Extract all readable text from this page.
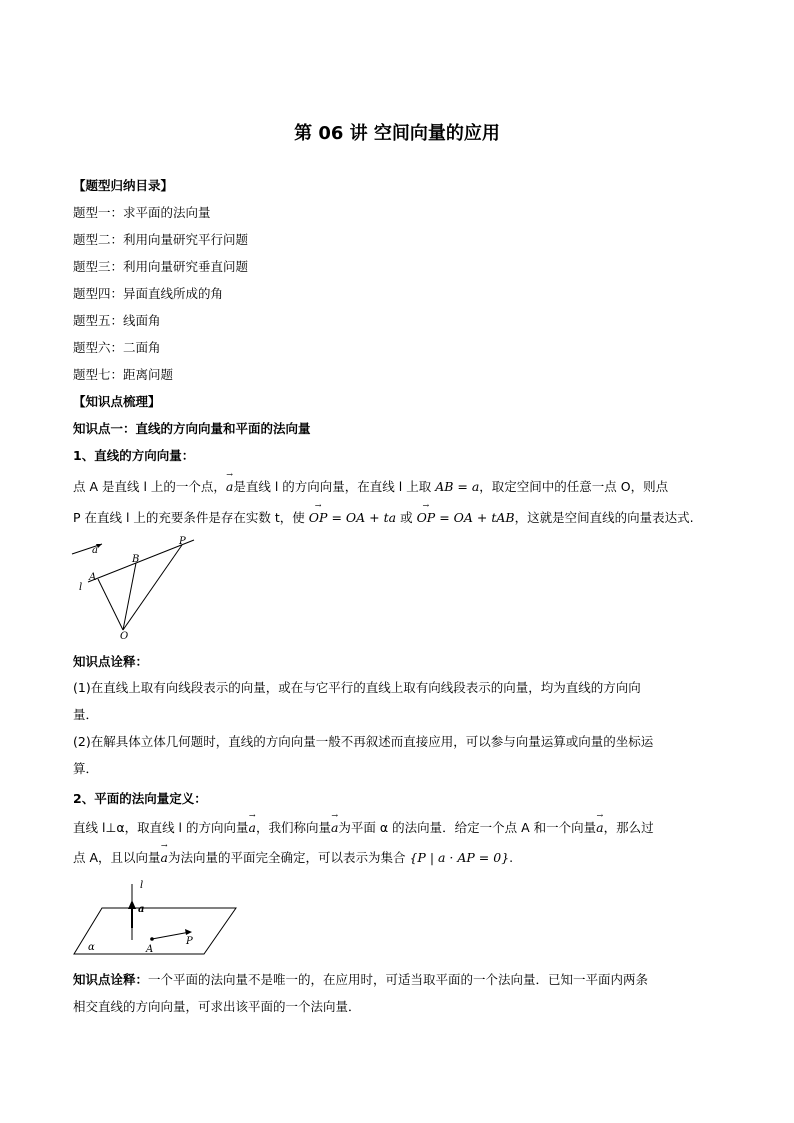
第 06 讲 空间向量的应用
【题型归纳目录】
题型一：求平面的法向量
题型二：利用向量研究平行问题
题型三：利用向量研究垂直问题
题型四：异面直线所成的角
题型五：线面角
题型六：二面角
题型七：距离问题
【知识点梳理】
知识点一：直线的方向向量和平面的法向量
1、直线的方向向量：
点 A 是直线 l 上的一个点，→ a是直线 l 的方向向量，在直线 l 上取 AB = a，取定空间中的任意一点 O，则点
P 在直线 l 上的充要条件是存在实数 t，使 → OP = OA + ta 或 → OP = OA + tAB，这就是空间直线的向量表达式.
a
B
P
A
l
O
知识点诠释：
(1)在直线上取有向线段表示的向量，或在与它平行的直线上取有向线段表示的向量，均为直线的方向向
量．
(2)在解具体立体几何题时，直线的方向向量一般不再叙述而直接应用，可以参与向量运算或向量的坐标运
算．
2、平面的法向量定义：
直线 l⊥α，取直线 l 的方向向量→ a，我们称向量→ a为平面 α 的法向量．给定一个点 A 和一个向量→ a，那么过
点 A，且以向量→ a为法向量的平面完全确定，可以表示为集合 {P | a · AP = 0}.
l
a
α	A
P
知识点诠释：一个平面的法向量不是唯一的，在应用时，可适当取平面的一个法向量．已知一平面内两条
相交直线的方向向量，可求出该平面的一个法向量．
